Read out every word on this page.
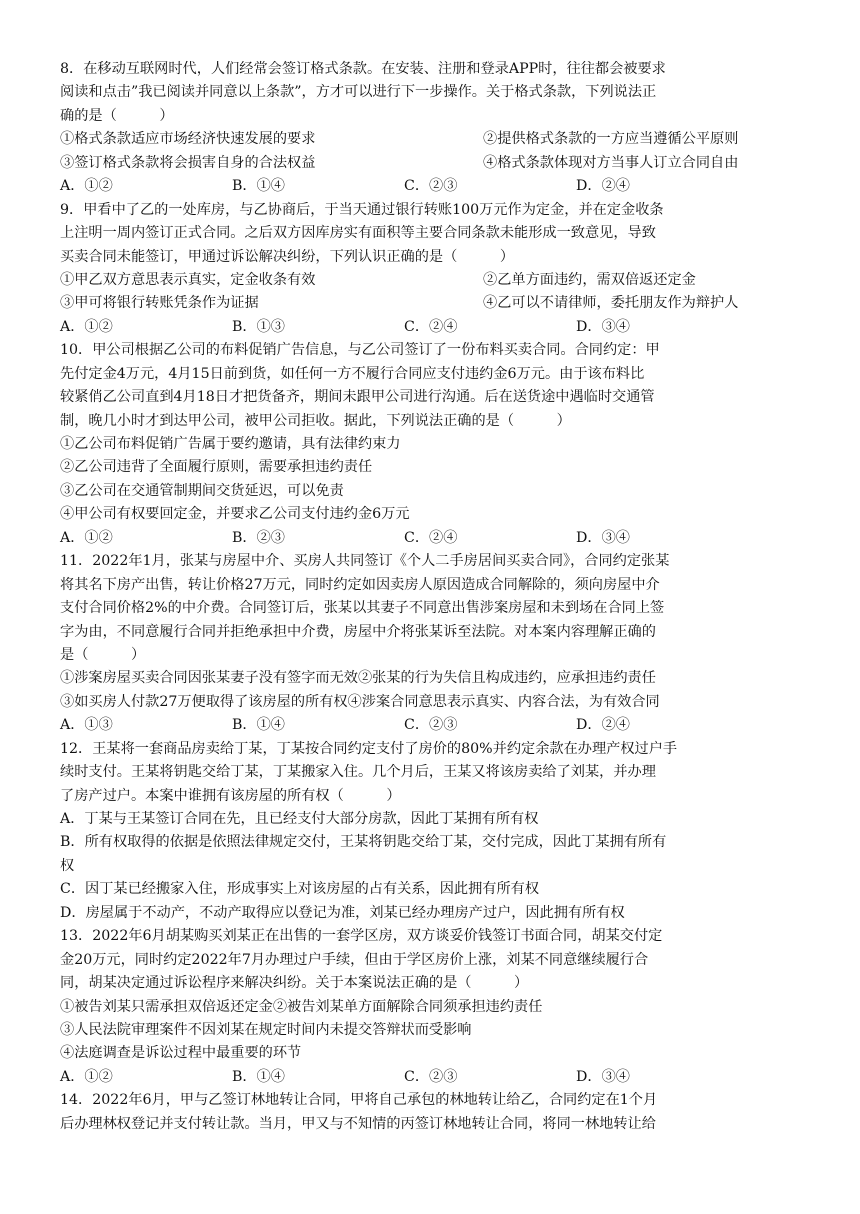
8．在移动互联网时代，人们经常会签订格式条款。在安装、注册和登录APP时，往往都会被要求
阅读和点击”我已阅读并同意以上条款”，方才可以进行下一步操作。关于格式条款，下列说法正
确的是（　　　）
①格式条款适应市场经济快速发展的要求	②提供格式条款的一方应当遵循公平原则
③签订格式条款将会损害自身的合法权益	④格式条款体现对方当事人订立合同自由
A．①②	B．①④	C．②③	D．②④
9．甲看中了乙的一处库房，与乙协商后，于当天通过银行转账100万元作为定金，并在定金收条
上注明一周内签订正式合同。之后双方因库房实有面积等主要合同条款未能形成一致意见，导致
买卖合同未能签订，甲通过诉讼解决纠纷，下列认识正确的是（　　　）
①甲乙双方意思表示真实，定金收条有效	②乙单方面违约，需双倍返还定金
③甲可将银行转账凭条作为证据	④乙可以不请律师，委托朋友作为辩护人
A．①②	B．①③	C．②④	D．③④
10．甲公司根据乙公司的布料促销广告信息，与乙公司签订了一份布料买卖合同。合同约定：甲
先付定金4万元，4月15日前到货，如任何一方不履行合同应支付违约金6万元。由于该布料比
较紧俏乙公司直到4月18日才把货备齐，期间未跟甲公司进行沟通。后在送货途中遇临时交通管
制，晚几小时才到达甲公司，被甲公司拒收。据此，下列说法正确的是（　　　）
①乙公司布料促销广告属于要约邀请，具有法律约束力
②乙公司违背了全面履行原则，需要承担违约责任
③乙公司在交通管制期间交货延迟，可以免责
④甲公司有权要回定金，并要求乙公司支付违约金6万元
A．①②	B．②③	C．②④	D．③④
11．2022年1月，张某与房屋中介、买房人共同签订《个人二手房居间买卖合同》，合同约定张某
将其名下房产出售，转让价格27万元，同时约定如因卖房人原因造成合同解除的，须向房屋中介
支付合同价格2%的中介费。合同签订后，张某以其妻子不同意出售涉案房屋和未到场在合同上签
字为由，不同意履行合同并拒绝承担中介费，房屋中介将张某诉至法院。对本案内容理解正确的
是（　　　）
①涉案房屋买卖合同因张某妻子没有签字而无效②张某的行为失信且构成违约，应承担违约责任
③如买房人付款27万便取得了该房屋的所有权④涉案合同意思表示真实、内容合法，为有效合同
A．①③	B．①④	C．②③	D．②④
12．王某将一套商品房卖给丁某，丁某按合同约定支付了房价的80%并约定余款在办理产权过户手
续时支付。王某将钥匙交给丁某，丁某搬家入住。几个月后，王某又将该房卖给了刘某，并办理
了房产过户。本案中谁拥有该房屋的所有权（　　　）
A．丁某与王某签订合同在先，且已经支付大部分房款，因此丁某拥有所有权
B．所有权取得的依据是依照法律规定交付，王某将钥匙交给丁某，交付完成，因此丁某拥有所有
权
C．因丁某已经搬家入住，形成事实上对该房屋的占有关系，因此拥有所有权
D．房屋属于不动产，不动产取得应以登记为准，刘某已经办理房产过户，因此拥有所有权
13．2022年6月胡某购买刘某正在出售的一套学区房，双方谈妥价钱签订书面合同，胡某交付定
金20万元，同时约定2022年7月办理过户手续，但由于学区房价上涨，刘某不同意继续履行合
同，胡某决定通过诉讼程序来解决纠纷。关于本案说法正确的是（　　　）
①被告刘某只需承担双倍返还定金②被告刘某单方面解除合同须承担违约责任
③人民法院审理案件不因刘某在规定时间内未提交答辩状而受影响
④法庭调查是诉讼过程中最重要的环节
A．①②	B．①④	C．②③	D．③④
14．2022年6月，甲与乙签订林地转让合同，甲将自己承包的林地转让给乙，合同约定在1个月
后办理林权登记并支付转让款。当月，甲又与不知情的丙签订林地转让合同，将同一林地转让给
